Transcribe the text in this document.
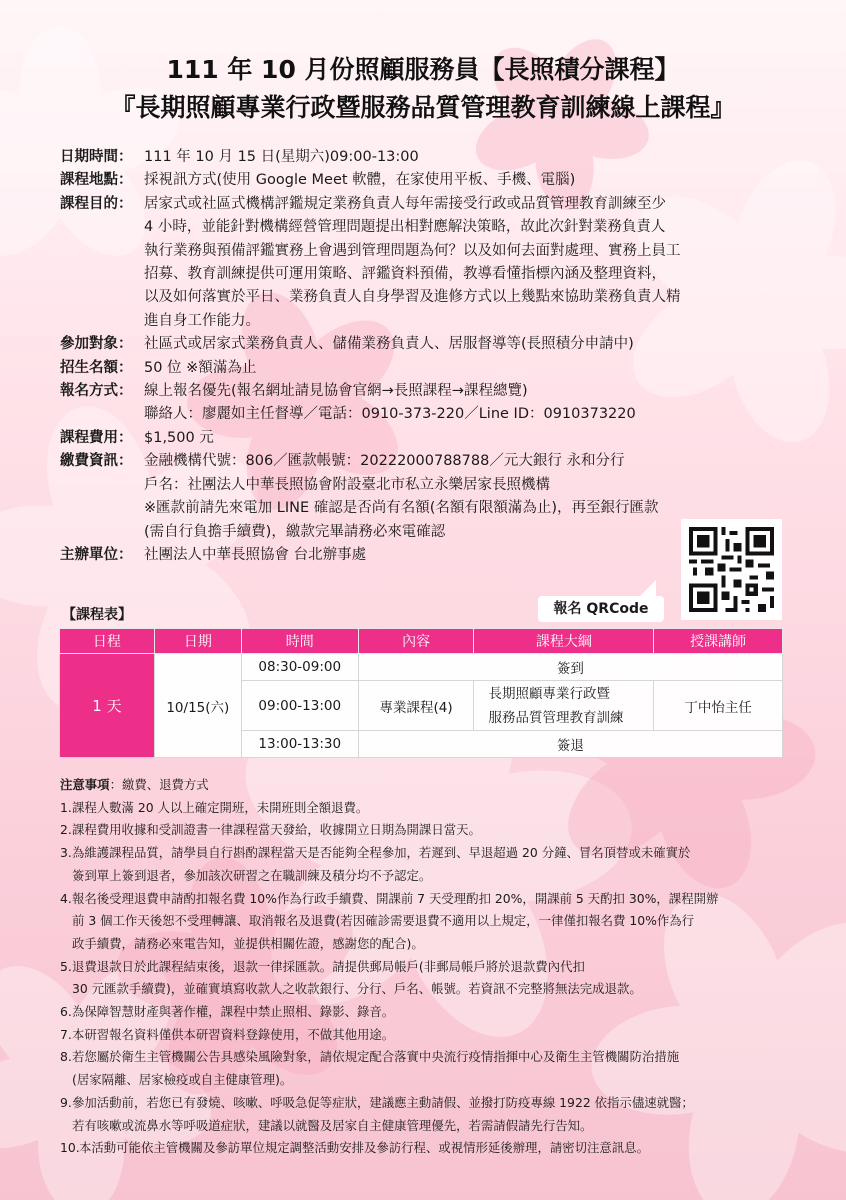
111 年 10 月份照顧服務員【長照積分課程】
『長期照顧專業行政暨服務品質管理教育訓練線上課程』
日期時間： 111 年 10 月 15 日(星期六)09:00-13:00
課程地點： 採視訊方式(使用 Google Meet 軟體，在家使用平板、手機、電腦)
課程目的： 居家式或社區式機構評鑑規定業務負責人每年需接受行政或品質管理教育訓練至少
4 小時，並能針對機構經營管理問題提出相對應解決策略，故此次針對業務負責人
執行業務與預備評鑑實務上會遇到管理問題為何？以及如何去面對處理、實務上員工
招募、教育訓練提供可運用策略、評鑑資料預備，教導看懂指標內涵及整理資料，
以及如何落實於平日、業務負責人自身學習及進修方式以上幾點來協助業務負責人精
進自身工作能力。
參加對象： 社區式或居家式業務負責人、儲備業務負責人、居服督導等(長照積分申請中)
招生名額： 50 位 ※額滿為止
報名方式： 線上報名優先(報名網址請見協會官網→長照課程→課程總覽)
聯絡人：廖麗如主任督導／電話：0910-373-220／Line ID：0910373220
課程費用： $1,500 元
繳費資訊： 金融機構代號：806／匯款帳號：20222000788788／元大銀行 永和分行
戶名：社團法人中華長照協會附設臺北市私立永樂居家長照機構
※匯款前請先來電加 LINE 確認是否尚有名額(名額有限額滿為止)，再至銀行匯款
(需自行負擔手續費)，繳款完畢請務必來電確認
主辦單位： 社團法人中華長照協會 台北辦事處
報名 QRCode
【課程表】
日程	日期	時間	內容	課程大綱	授課講師
1 天	10/15(六)	08:30-09:00	簽到		
		09:00-13:00	專業課程(4)	長期照顧專業行政暨
服務品質管理教育訓練	丁中怡主任
		13:00-13:30	簽退		
注意事項：繳費、退費方式
1. 課程人數滿 20 人以上確定開班，未開班則全額退費。
2. 課程費用收據和受訓證書一律課程當天發給，收據開立日期為開課日當天。
3. 為維護課程品質，請學員自行斟酌課程當天是否能夠全程參加，若遲到、早退超過 20 分鐘、冒名頂替或未確實於
簽到單上簽到退者，參加該次研習之在職訓練及積分均不予認定。
4. 報名後受理退費申請酌扣報名費 10%作為行政手續費、開課前 7 天受理酌扣 20%，開課前 5 天酌扣 30%，課程開辦
前 3 個工作天後恕不受理轉讓、取消報名及退費(若因確診需要退費不適用以上規定，一律僅扣報名費 10%作為行
政手續費，請務必來電告知，並提供相關佐證，感謝您的配合)。
5. 退費退款日於此課程結束後，退款一律採匯款。請提供郵局帳戶(非郵局帳戶將於退款費內代扣
30 元匯款手續費)，並確實填寫收款人之收款銀行、分行、戶名、帳號。若資訊不完整將無法完成退款。
6. 為保障智慧財產與著作權，課程中禁止照相、錄影、錄音。
7. 本研習報名資料僅供本研習資料登錄使用，不做其他用途。
8. 若您屬於衛生主管機關公告具感染風險對象，請依規定配合落實中央流行疫情指揮中心及衛生主管機關防治措施
(居家隔離、居家檢疫或自主健康管理)。
9. 參加活動前，若您已有發燒、咳嗽、呼吸急促等症狀，建議應主動請假、並撥打防疫專線 1922 依指示儘速就醫；
若有咳嗽或流鼻水等呼吸道症狀，建議以就醫及居家自主健康管理優先，若需請假請先行告知。
10. 本活動可能依主管機關及參訪單位規定調整活動安排及參訪行程、或視情形延後辦理，請密切注意訊息。
